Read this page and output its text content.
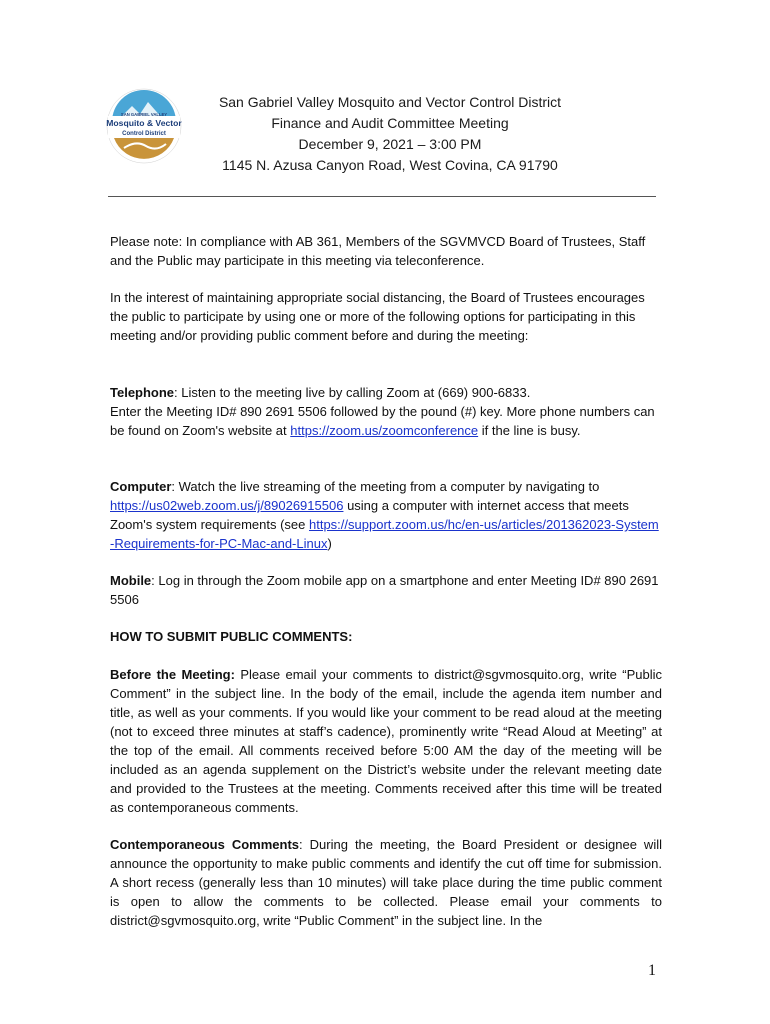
SAN GABRIEL VALLEY
Mosquito & Vector
Control District
San Gabriel Valley Mosquito and Vector Control District
Finance and Audit Committee Meeting
December 9, 2021 – 3:00 PM
1145 N. Azusa Canyon Road, West Covina, CA 91790
Please note: In compliance with AB 361, Members of the SGVMVCD Board of Trustees, Staff and the Public may participate in this meeting via teleconference.
In the interest of maintaining appropriate social distancing, the Board of Trustees encourages the public to participate by using one or more of the following options for participating in this meeting and/or providing public comment before and during the meeting:
Telephone: Listen to the meeting live by calling Zoom at (669) 900-6833.
Enter the Meeting ID# 890 2691 5506 followed by the pound (#) key. More phone numbers can be found on Zoom's website at https://zoom.us/zoomconference if the line is busy.
Computer: Watch the live streaming of the meeting from a computer by navigating to https://us02web.zoom.us/j/89026915506 using a computer with internet access that meets Zoom's system requirements (see https://support.zoom.us/hc/en-us/articles/201362023-System-Requirements-for-PC-Mac-and-Linux)
Mobile: Log in through the Zoom mobile app on a smartphone and enter Meeting ID# 890 2691 5506
HOW TO SUBMIT PUBLIC COMMENTS:
Before the Meeting: Please email your comments to district@sgvmosquito.org, write “Public Comment” in the subject line. In the body of the email, include the agenda item number and title, as well as your comments. If you would like your comment to be read aloud at the meeting (not to exceed three minutes at staff’s cadence), prominently write “Read Aloud at Meeting” at the top of the email. All comments received before 5:00 AM the day of the meeting will be included as an agenda supplement on the District’s website under the relevant meeting date and provided to the Trustees at the meeting. Comments received after this time will be treated as contemporaneous comments.
Contemporaneous Comments: During the meeting, the Board President or designee will announce the opportunity to make public comments and identify the cut off time for submission. A short recess (generally less than 10 minutes) will take place during the time public comment is open to allow the comments to be collected. Please email your comments to district@sgvmosquito.org, write “Public Comment” in the subject line. In the
1
